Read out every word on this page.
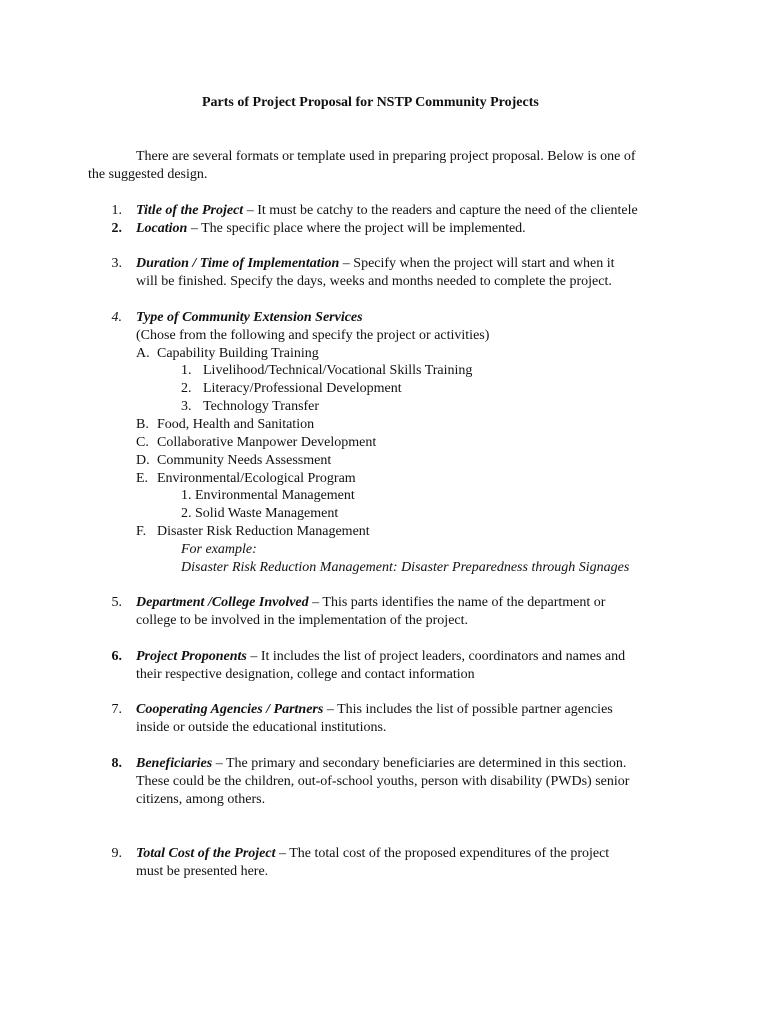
Parts of Project Proposal for NSTP Community Projects
There are several formats or template used in preparing project proposal. Below is one of
the suggested design.
1. Title of the Project – It must be catchy to the readers and capture the need of the clientele
2. Location – The specific place where the project will be implemented.
3. Duration / Time of Implementation – Specify when the project will start and when it
will be finished. Specify the days, weeks and months needed to complete the project.
4. Type of Community Extension Services
(Chose from the following and specify the project or activities)
A. Capability Building Training
1. Livelihood/Technical/Vocational Skills Training
2. Literacy/Professional Development
3. Technology Transfer
B. Food, Health and Sanitation
C. Collaborative Manpower Development
D. Community Needs Assessment
E. Environmental/Ecological Program
1. Environmental Management
2. Solid Waste Management
F. Disaster Risk Reduction Management
For example:
Disaster Risk Reduction Management: Disaster Preparedness through Signages
5. Department /College Involved – This parts identifies the name of the department or
college to be involved in the implementation of the project.
6. Project Proponents – It includes the list of project leaders, coordinators and names and
their respective designation, college and contact information
7. Cooperating Agencies / Partners – This includes the list of possible partner agencies
inside or outside the educational institutions.
8. Beneficiaries – The primary and secondary beneficiaries are determined in this section.
These could be the children, out-of-school youths, person with disability (PWDs) senior
citizens, among others.
9. Total Cost of the Project – The total cost of the proposed expenditures of the project
must be presented here.
